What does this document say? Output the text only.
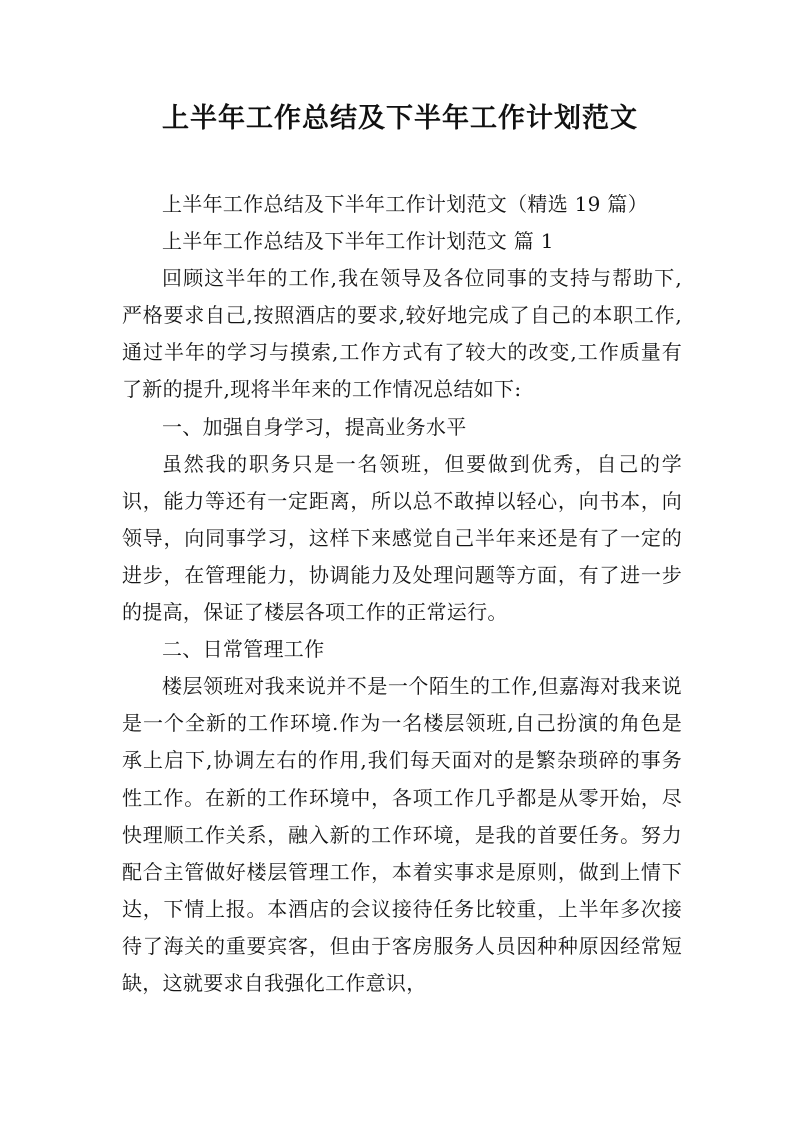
上半年工作总结及下半年工作计划范文

上半年工作总结及下半年工作计划范文（精选 19 篇）

上半年工作总结及下半年工作计划范文 篇 1

回顾这半年的工作,我在领导及各位同事的支持与帮助下,严格要求自己,按照酒店的要求,较好地完成了自己的本职工作,通过半年的学习与摸索,工作方式有了较大的改变,工作质量有了新的提升,现将半年来的工作情况总结如下:

一、加强自身学习，提高业务水平

虽然我的职务只是一名领班，但要做到优秀，自己的学识，能力等还有一定距离，所以总不敢掉以轻心，向书本，向领导，向同事学习，这样下来感觉自己半年来还是有了一定的进步，在管理能力，协调能力及处理问题等方面，有了进一步的提高，保证了楼层各项工作的正常运行。

二、日常管理工作

楼层领班对我来说并不是一个陌生的工作,但嘉海对我来说是一个全新的工作环境.作为一名楼层领班,自己扮演的角色是承上启下,协调左右的作用,我们每天面对的是繁杂琐碎的事务性工作。在新的工作环境中，各项工作几乎都是从零开始，尽快理顺工作关系，融入新的工作环境，是我的首要任务。努力配合主管做好楼层管理工作，本着实事求是原则，做到上情下达，下情上报。本酒店的会议接待任务比较重，上半年多次接待了海关的重要宾客，但由于客房服务人员因种种原因经常短缺，这就要求自我强化工作意识，
